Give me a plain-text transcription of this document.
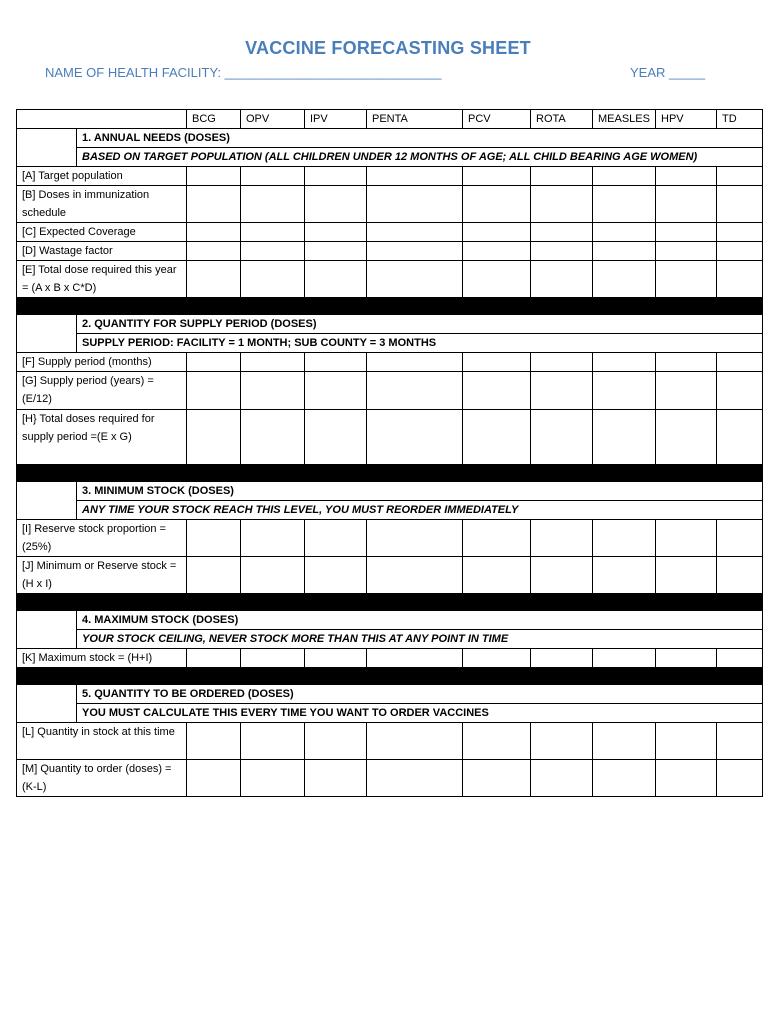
VACCINE FORECASTING SHEET
NAME OF HEALTH FACILITY: ______________________________	YEAR _____
		BCG	OPV	IPV	PENTA	PCV	ROTA	MEASLES	HPV	TD
	1. ANNUAL NEEDS (DOSES)									
	BASED ON TARGET POPULATION (ALL CHILDREN UNDER 12 MONTHS OF AGE; ALL CHILD BEARING AGE WOMEN)									
[A] Target population										
[B] Doses in immunization schedule										
[C] Expected Coverage										
[D] Wastage factor										
[E] Total dose required this year = (A x B x C*D)										

	2. QUANTITY FOR SUPPLY PERIOD (DOSES)									
	SUPPLY PERIOD: FACILITY = 1 MONTH; SUB COUNTY = 3 MONTHS									
[F] Supply period (months)										
[G] Supply period (years) = (E/12)										
[H} Total doses required for supply period =(E x G)										

	3. MINIMUM STOCK (DOSES)									
	ANY TIME YOUR STOCK REACH THIS LEVEL, YOU MUST REORDER IMMEDIATELY									
[I] Reserve stock proportion = (25%)										
[J] Minimum or Reserve stock = (H x I)										

	4. MAXIMUM STOCK (DOSES)									
	YOUR STOCK CEILING, NEVER STOCK MORE THAN THIS AT ANY POINT IN TIME									
[K] Maximum stock = (H+I)										

	5. QUANTITY TO BE ORDERED (DOSES)									
	YOU MUST CALCULATE THIS EVERY TIME YOU WANT TO ORDER VACCINES									
[L] Quantity in stock at this time										
[M] Quantity to order (doses) = (K-L)										
